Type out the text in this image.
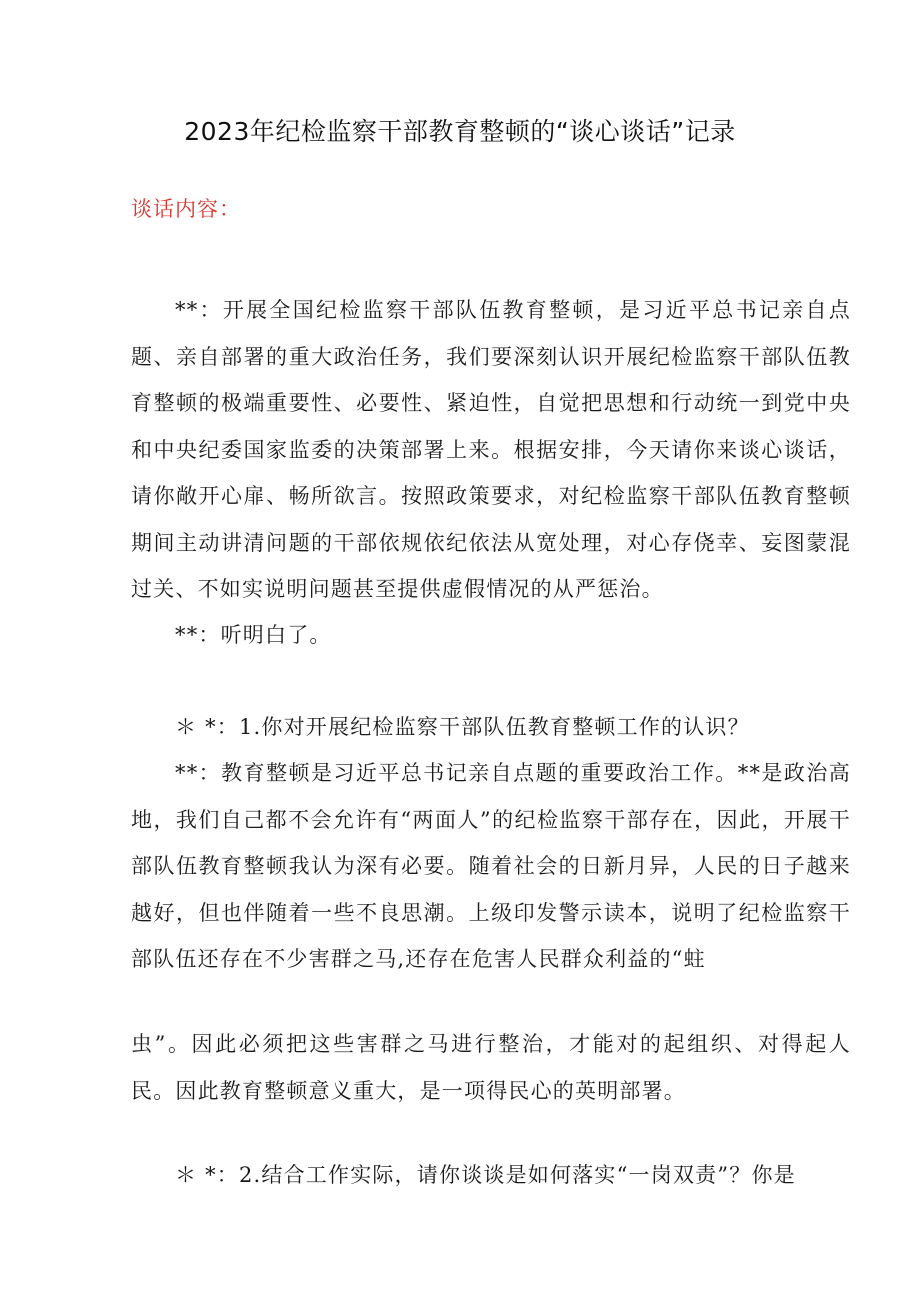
2023年纪检监察干部教育整顿的“谈心谈话”记录

谈话内容：

**：开展全国纪检监察干部队伍教育整顿，是习近平总书记亲自点题、亲自部署的重大政治任务，我们要深刻认识开展纪检监察干部队伍教育整顿的极端重要性、必要性、紧迫性，自觉把思想和行动统一到党中央和中央纪委国家监委的决策部署上来。根据安排，今天请你来谈心谈话，请你敞开心扉、畅所欲言。按照政策要求，对纪检监察干部队伍教育整顿期间主动讲清问题的干部依规依纪依法从宽处理，对心存侥幸、妄图蒙混过关、不如实说明问题甚至提供虚假情况的从严惩治。

**：听明白了。

＊ *：1.你对开展纪检监察干部队伍教育整顿工作的认识？

**：教育整顿是习近平总书记亲自点题的重要政治工作。**是政治高地，我们自己都不会允许有“两面人”的纪检监察干部存在，因此，开展干部队伍教育整顿我认为深有必要。随着社会的日新月异，人民的日子越来越好，但也伴随着一些不良思潮。上级印发警示读本，说明了纪检监察干部队伍还存在不少害群之马,还存在危害人民群众利益的“蛀

虫”。因此必须把这些害群之马进行整治，才能对的起组织、对得起人民。因此教育整顿意义重大，是一项得民心的英明部署。

＊ *：2.结合工作实际，请你谈谈是如何落实“一岗双责”？你是
